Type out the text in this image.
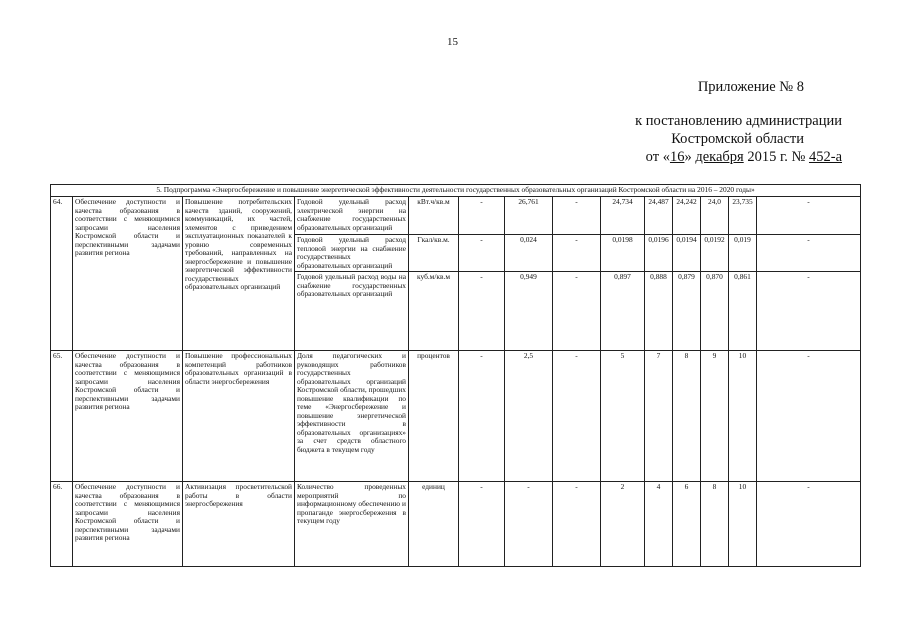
15
Приложение № 8
к постановлению администрации
Костромской области
от «16» декабря 2015 г. № 452-а
5. Подпрограмма «Энергосбережение и повышение энергетической эффективности деятельности государственных образовательных организаций Костромской области на 2016 – 2020 годы»													
64.	Обеспечение доступности и качества образования в соответствии с меняющимися запросами населения Костромской области и перспективными задачами развития региона	Повышение потребительских качеств зданий, сооружений, коммуникаций, их частей, элементов с приведением эксплуатационных показателей к уровню современных требований, направленных на энергосбережение и повышение энергетической эффективности государственных образовательных организаций	Годовой удельный расход электрической энергии на снабжение государственных образовательных организаций	кВт.ч/кв.м	-	26,761	-	24,734	24,487	24,242	24,0	23,735	-
			Годовой удельный расход тепловой энергии на снабжение государственных образовательных организаций	Гкал/кв.м.	-	0,024	-	0,0198	0,0196	0,0194	0,0192	0,019	-
			Годовой удельный расход воды на снабжение государственных образовательных организаций	куб.м/кв.м	-	0,949	-	0,897	0,888	0,879	0,870	0,861	-
65.	Обеспечение доступности и качества образования в соответствии с меняющимися запросами населения Костромской области и перспективными задачами развития региона	Повышение профессиональных компетенций работников образовательных организаций в области энергосбережения	Доля педагогических и руководящих работников государственных образовательных организаций Костромской области, прошедших повышение квалификации по теме «Энергосбережение и повышение энергетической эффективности в образовательных организациях» за счет средств областного бюджета в текущем году	процентов	-	2,5	-	5	7	8	9	10	-
66.	Обеспечение доступности и качества образования в соответствии с меняющимися запросами населения Костромской области и перспективными задачами развития региона	Активизация просветительской работы в области энергосбережения	Количество проведенных мероприятий по информационному обеспечению и пропаганде энергосбережения в текущем году	единиц	-	-	-	2	4	6	8	10	-
